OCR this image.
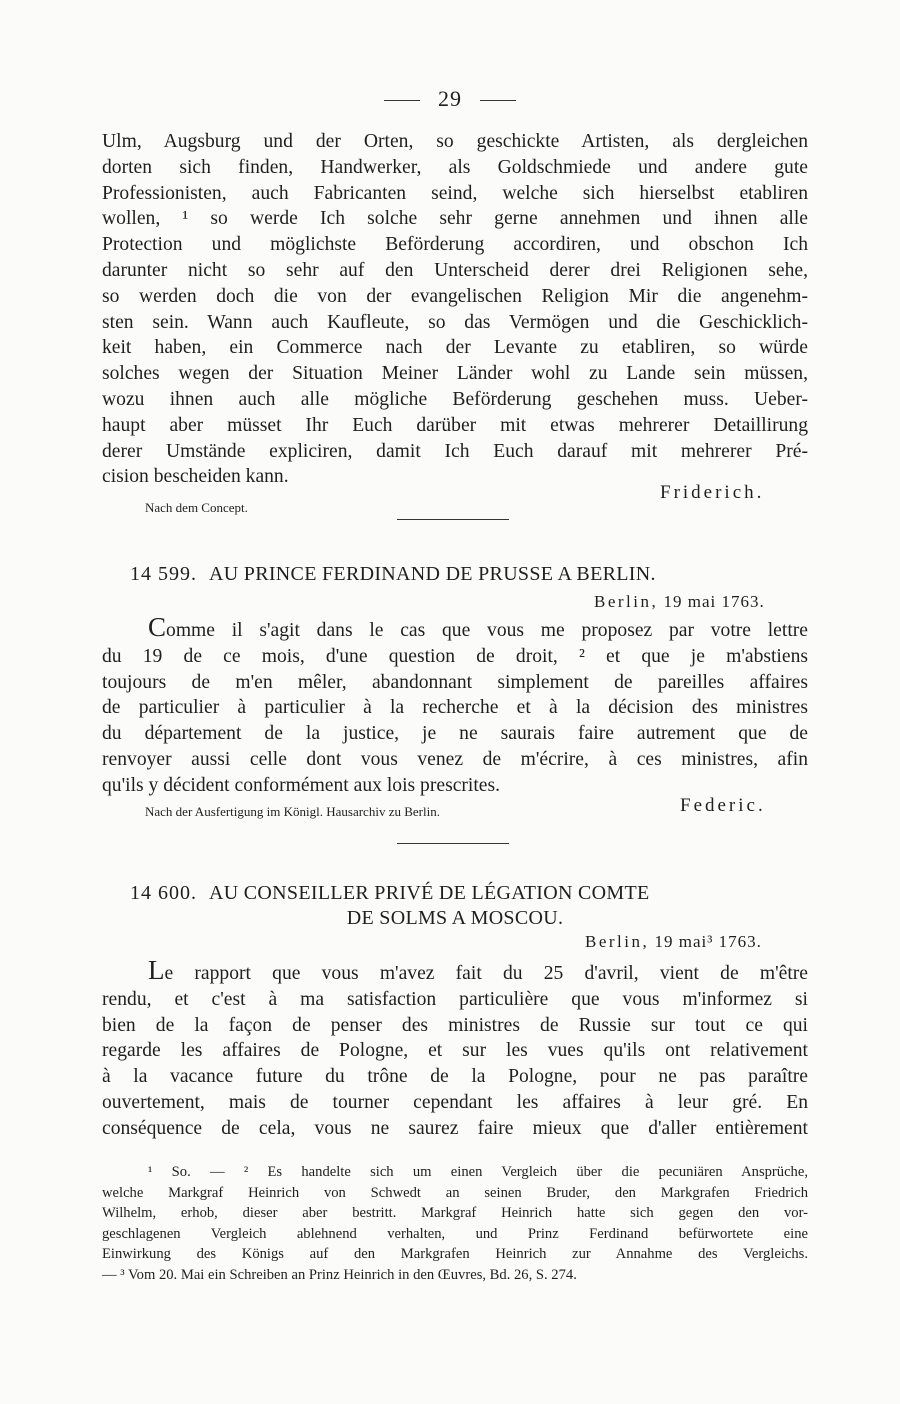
29
Ulm, Augsburg und der Orten, so geschickte Artisten, als dergleichen
dorten sich finden, Handwerker, als Goldschmiede und andere gute
Professionisten, auch Fabricanten seind, welche sich hierselbst etabliren
wollen, ¹ so werde Ich solche sehr gerne annehmen und ihnen alle
Protection und möglichste Beförderung accordiren, und obschon Ich
darunter nicht so sehr auf den Unterscheid derer drei Religionen sehe,
so werden doch die von der evangelischen Religion Mir die angenehm-
sten sein. Wann auch Kaufleute, so das Vermögen und die Geschicklich-
keit haben, ein Commerce nach der Levante zu etabliren, so würde
solches wegen der Situation Meiner Länder wohl zu Lande sein müssen,
wozu ihnen auch alle mögliche Beförderung geschehen muss. Ueber-
haupt aber müsset Ihr Euch darüber mit etwas mehrerer Detaillirung
derer Umstände expliciren, damit Ich Euch darauf mit mehrerer Pré-
cision bescheiden kann.
Nach dem Concept.
Friderich.
14 599. AU PRINCE FERDINAND DE PRUSSE A BERLIN.
Berlin, 19 mai 1763.
Comme il s'agit dans le cas que vous me proposez par votre lettre
du 19 de ce mois, d'une question de droit, ² et que je m'abstiens
toujours de m'en mêler, abandonnant simplement de pareilles affaires
de particulier à particulier à la recherche et à la décision des ministres
du département de la justice, je ne saurais faire autrement que de
renvoyer aussi celle dont vous venez de m'écrire, à ces ministres, afin
qu'ils y décident conformément aux lois prescrites.
Nach der Ausfertigung im Königl. Hausarchiv zu Berlin.	Federic.
14 600. AU CONSEILLER PRIVÉ DE LÉGATION COMTE
DE SOLMS A MOSCOU.
Berlin, 19 mai³ 1763.
Le rapport que vous m'avez fait du 25 d'avril, vient de m'être
rendu, et c'est à ma satisfaction particulière que vous m'informez si
bien de la façon de penser des ministres de Russie sur tout ce qui
regarde les affaires de Pologne, et sur les vues qu'ils ont relativement
à la vacance future du trône de la Pologne, pour ne pas paraître
ouvertement, mais de tourner cependant les affaires à leur gré. En
conséquence de cela, vous ne saurez faire mieux que d'aller entièrement
¹ So. — ² Es handelte sich um einen Vergleich über die pecuniären Ansprüche,
welche Markgraf Heinrich von Schwedt an seinen Bruder, den Markgrafen Friedrich
Wilhelm, erhob, dieser aber bestritt. Markgraf Heinrich hatte sich gegen den vor-
geschlagenen Vergleich ablehnend verhalten, und Prinz Ferdinand befürwortete eine
Einwirkung des Königs auf den Markgrafen Heinrich zur Annahme des Vergleichs.
— ³ Vom 20. Mai ein Schreiben an Prinz Heinrich in den Œuvres, Bd. 26, S. 274.
